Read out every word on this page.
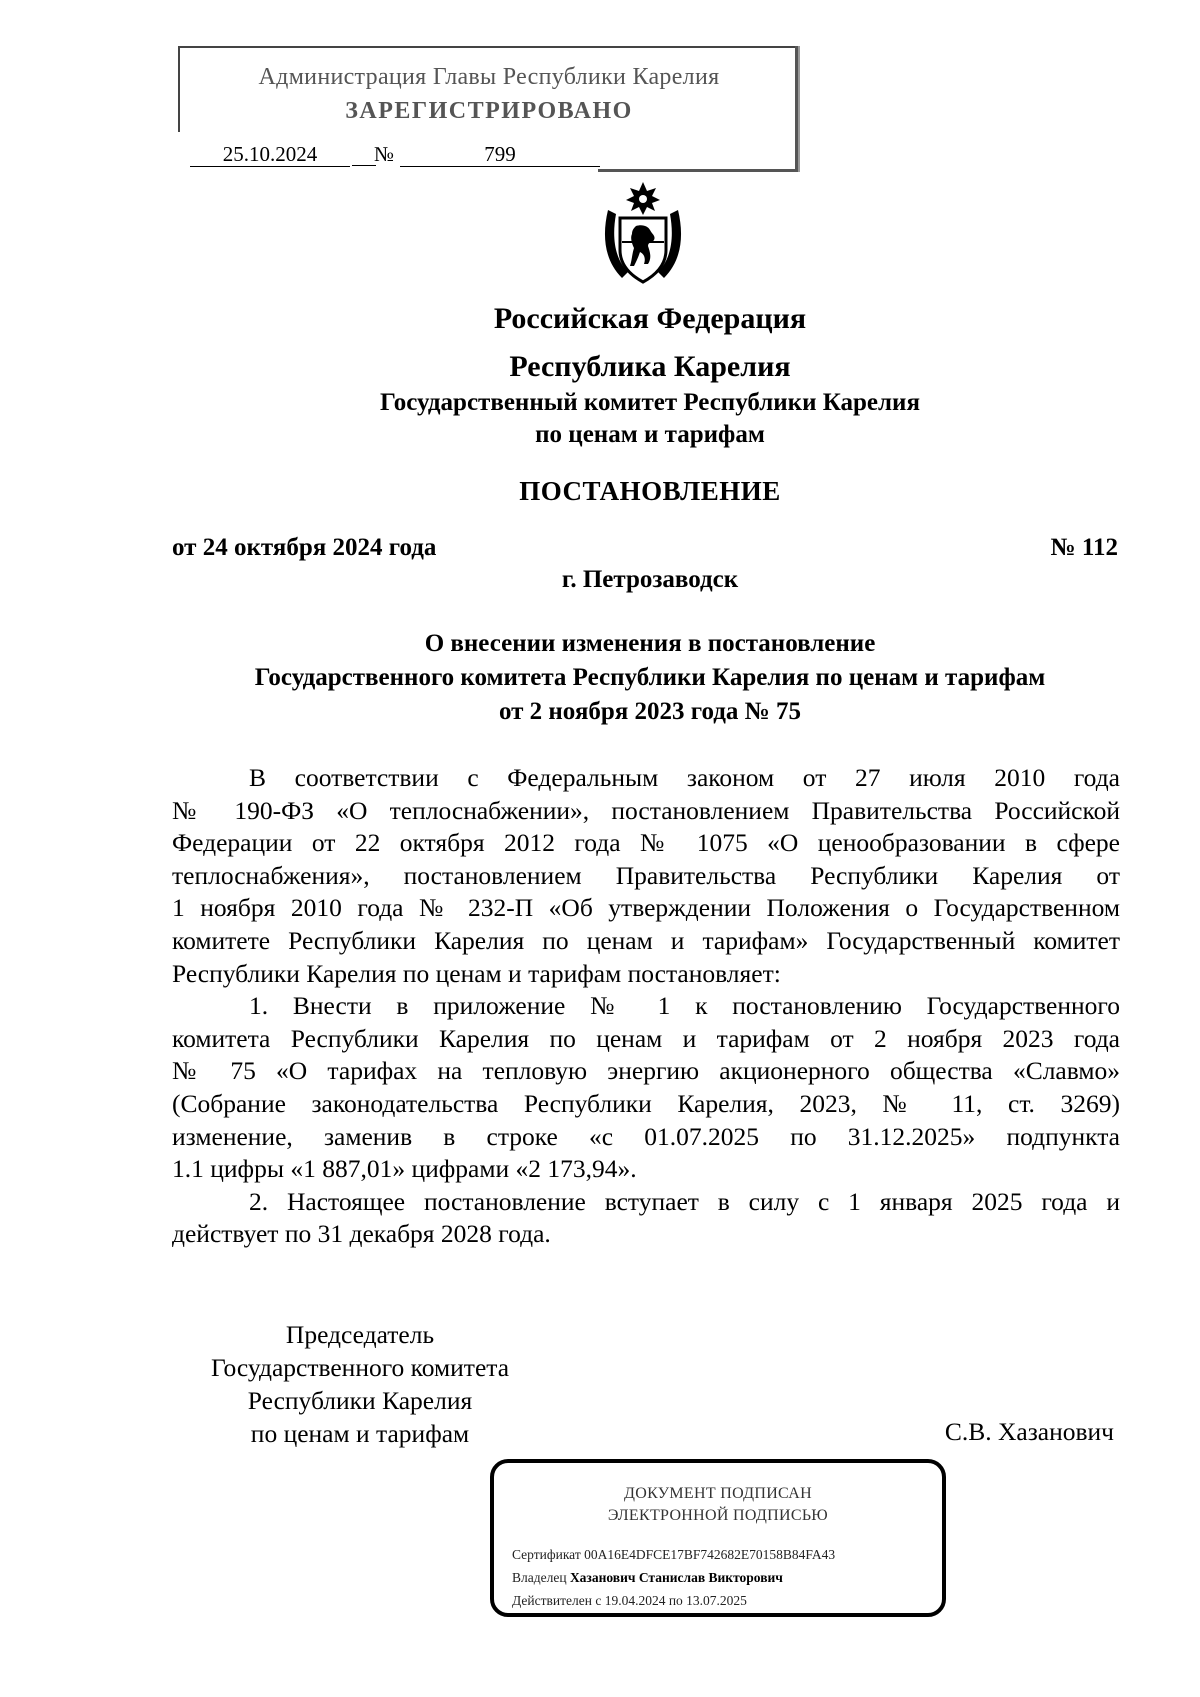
Администрация Главы Республики Карелия
ЗАРЕГИСТРИРОВАНО
25.10.2024	№	799
Российская Федерация
Республика Карелия
Государственный комитет Республики Карелия
по ценам и тарифам
ПОСТАНОВЛЕНИЕ
от 24 октября 2024 года	№ 112
г. Петрозаводск
О внесении изменения в постановление
Государственного комитета Республики Карелия по ценам и тарифам
от 2 ноября 2023 года № 75

В соответствии с Федеральным законом от 27 июля 2010 года

№ 190-ФЗ «О теплоснабжении», постановлением Правительства Российской

Федерации от 22 октября 2012 года № 1075 «О ценообразовании в сфере

теплоснабжения», постановлением Правительства Республики Карелия от

1 ноября 2010 года № 232-П «Об утверждении Положения о Государственном

комитете Республики Карелия по ценам и тарифам» Государственный комитет

Республики Карелия по ценам и тарифам постановляет:

1. Внести в приложение № 1 к постановлению Государственного

комитета Республики Карелия по ценам и тарифам от 2 ноября 2023 года

№ 75 «О тарифах на тепловую энергию акционерного общества «Славмо»

(Собрание законодательства Республики Карелия, 2023, № 11, ст. 3269)

изменение, заменив в строке «с 01.07.2025 по 31.12.2025» подпункта

1.1 цифры «1 887,01» цифрами «2 173,94».

2. Настоящее постановление вступает в силу с 1 января 2025 года и

действует по 31 декабря 2028 года.

Председатель
Государственного комитета
Республики Карелия
по ценам и тарифам	С.В. Хазанович
ДОКУМЕНТ ПОДПИСАН
ЭЛЕКТРОННОЙ ПОДПИСЬЮ
Сертификат 00A16E4DFCE17BF742682E70158B84FA43
Владелец Хазанович Станислав Викторович
Действителен с 19.04.2024 по 13.07.2025
